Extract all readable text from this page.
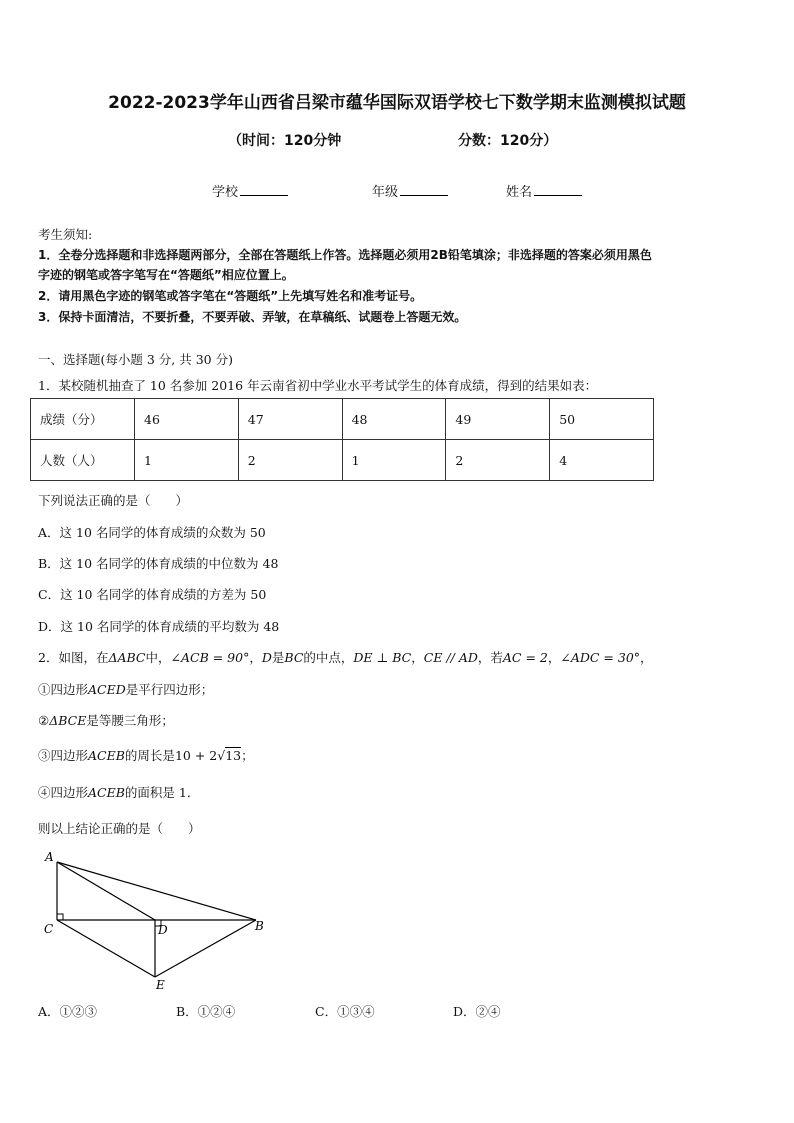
2022-2023学年山西省吕梁市蕴华国际双语学校七下数学期末监测模拟试题
（时间：120分钟	分数：120分）
学校	年级	姓名
考生须知:
1．全卷分选择题和非选择题两部分，全部在答题纸上作答。选择题必须用2B铅笔填涂；非选择题的答案必须用黑色
字迹的钢笔或答字笔写在“答题纸”相应位置上。
2．请用黑色字迹的钢笔或答字笔在“答题纸”上先填写姓名和准考证号。
3．保持卡面清洁，不要折叠，不要弄破、弄皱，在草稿纸、试题卷上答题无效。
一、选择题(每小题 3 分, 共 30 分)
1．某校随机抽查了 10 名参加 2016 年云南省初中学业水平考试学生的体育成绩，得到的结果如表：
成绩（分）	46	47	48	49	50
人数（人）	1	2	1	2	4
下列说法正确的是（　　）
A．这 10 名同学的体育成绩的众数为 50
B．这 10 名同学的体育成绩的中位数为 48
C．这 10 名同学的体育成绩的方差为 50
D．这 10 名同学的体育成绩的平均数为 48
2．如图，在ΔABC中，∠ACB = 90°，D是BC的中点，DE ⊥ BC，CE // AD，若AC = 2，∠ADC = 30°，
①四边形ACED是平行四边形；
②ΔBCE是等腰三角形；
③四边形ACEB的周长是10 + 2√13；
④四边形ACEB的面积是 1．
则以上结论正确的是（　　）
A
C	D	B
E
A．①②③	B．①②④	C．①③④	D．②④
